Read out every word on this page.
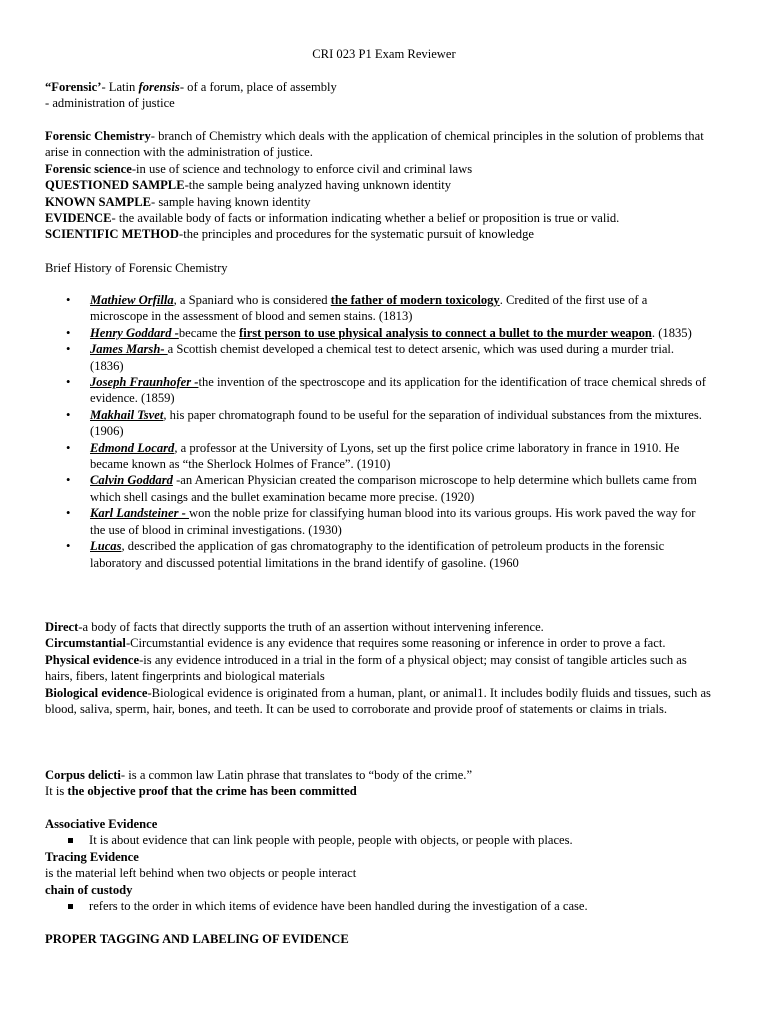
CRI 023 P1 Exam Reviewer
“Forensic’- Latin forensis- of a forum, place of assembly
- administration of justice
Forensic Chemistry- branch of Chemistry which deals with the application of chemical principles in the solution of problems that arise in connection with the administration of justice.
Forensic science-in use of science and technology to enforce civil and criminal laws
QUESTIONED SAMPLE-the sample being analyzed having unknown identity
KNOWN SAMPLE- sample having known identity
EVIDENCE- the available body of facts or information indicating whether a belief or proposition is true or valid.
SCIENTIFIC METHOD-the principles and procedures for the systematic pursuit of knowledge
Brief History of Forensic Chemistry
• Mathiew Orfilla, a Spaniard who is considered the father of modern toxicology. Credited of the first use of a microscope in the assessment of blood and semen stains. (1813)
• Henry Goddard -became the first person to use physical analysis to connect a bullet to the murder weapon. (1835)
• James Marsh- a Scottish chemist developed a chemical test to detect arsenic, which was used during a murder trial. (1836)
• Joseph Fraunhofer -the invention of the spectroscope and its application for the identification of trace chemical shreds of evidence. (1859)
• Makhail Tsvet, his paper chromatograph found to be useful for the separation of individual substances from the mixtures.(1906)
• Edmond Locard, a professor at the University of Lyons, set up the first police crime laboratory in france in 1910. He became known as “the Sherlock Holmes of France”. (1910)
• Calvin Goddard -an American Physician created the comparison microscope to help determine which bullets came from which shell casings and the bullet examination became more precise. (1920)
• Karl Landsteiner - won the noble prize for classifying human blood into its various groups. His work paved the way for the use of blood in criminal investigations. (1930)
• Lucas, described the application of gas chromatography to the identification of petroleum products in the forensic laboratory and discussed potential limitations in the brand identify of gasoline. (1960
Direct-a body of facts that directly supports the truth of an assertion without intervening inference.
Circumstantial-Circumstantial evidence is any evidence that requires some reasoning or inference in order to prove a fact.
Physical evidence-is any evidence introduced in a trial in the form of a physical object; may consist of tangible articles such as hairs, fibers, latent fingerprints and biological materials
Biological evidence-Biological evidence is originated from a human, plant, or animal1. It includes bodily fluids and tissues, such as blood, saliva, sperm, hair, bones, and teeth. It can be used to corroborate and provide proof of statements or claims in trials.
Corpus delicti- is a common law Latin phrase that translates to “body of the crime.”
It is the objective proof that the crime has been committed
Associative Evidence
It is about evidence that can link people with people, people with objects, or people with places.
Tracing Evidence
is the material left behind when two objects or people interact
chain of custody
refers to the order in which items of evidence have been handled during the investigation of a case.
PROPER TAGGING AND LABELING OF EVIDENCE
